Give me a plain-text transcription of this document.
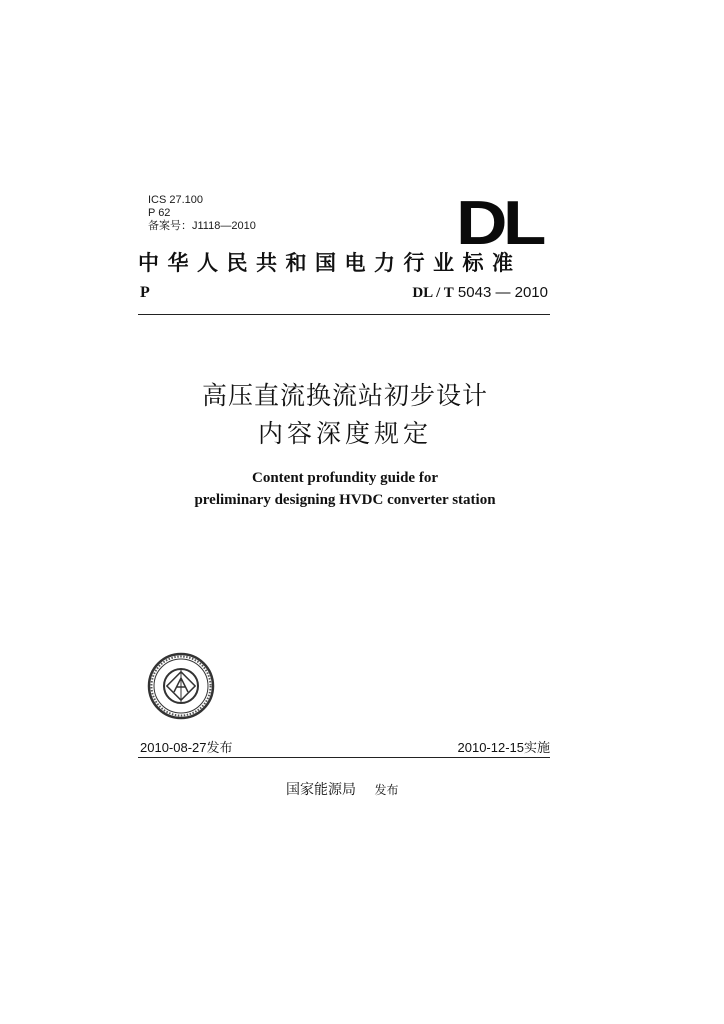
ICS 27.100
P 62
备案号：J1118—2010	DL
中华人民共和国电力行业标准
P	DL / T 5043 — 2010
高压直流换流站初步设计
内容深度规定
Content profundity guide for
preliminary designing HVDC converter station
2010-08-27发布	2010-12-15实施
国家能源局 发布
